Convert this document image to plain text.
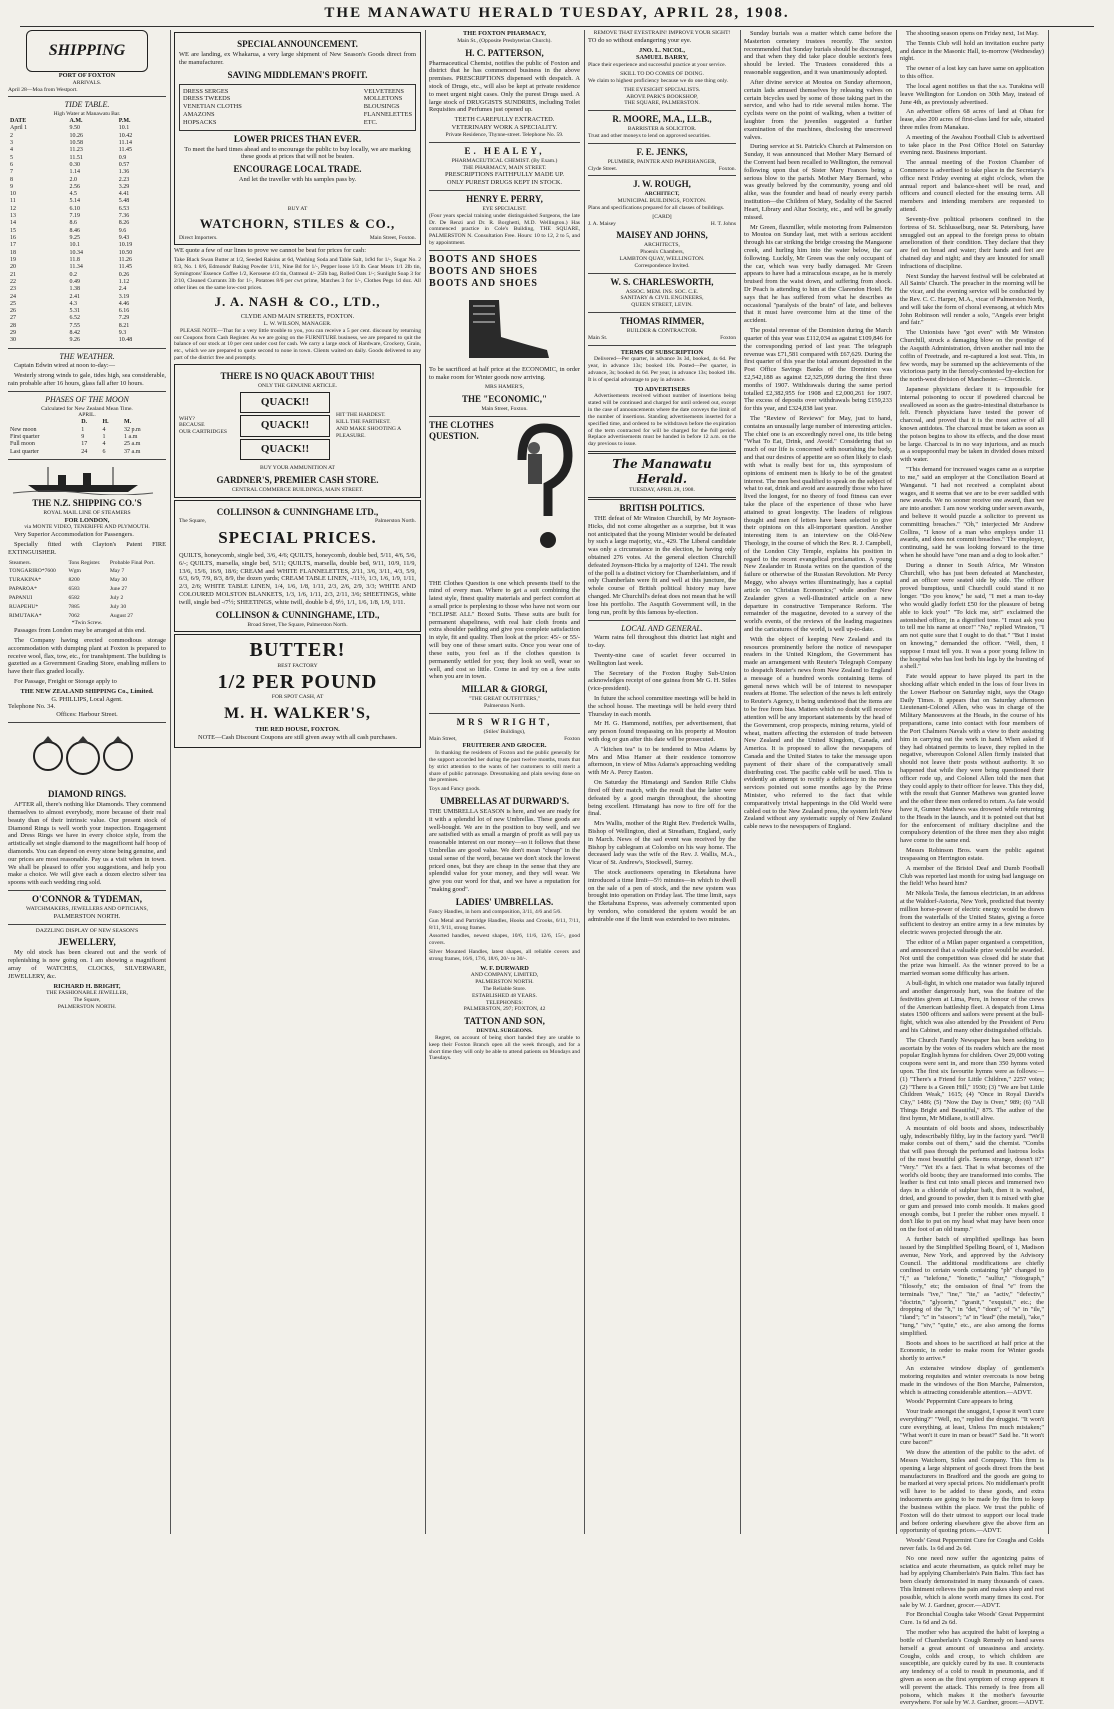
THE MANAWATU HERALD TUESDAY, APRIL 28, 1908.
SHIPPING
PORT OF FOXTON
ARRIVALS.
April 28—Moa from Westport.
TIDE TABLE.
High Water at Manawatu Bar.
DATE	A.M.	P.M.
April 1	9.50	10.1
2	10.26	10.42
3	10.58	11.14
4	11.23	11.45
5	11.51	0.9
6	0.30	0.57
7	1.14	1.36
8	2.0	2.23
9	2.56	3.29
10	4.5	4.41
11	5.14	5.48
12	6.10	6.53
13	7.19	7.36
14	8.6	8.26
15	8.46	9.6
16	9.25	9.43
17	10.1	10.19
18	10.34	10.50
19	11.8	11.26
20	11.34	11.45
21	0.2	0.26
22	0.49	1.12
23	1.38	2.4
24	2.41	3.19
25	4.3	4.46
26	5.31	6.16
27	6.52	7.29
28	7.55	8.21
29	8.42	9.3
30	9.26	10.48
THE WEATHER.

Captain Edwin wired at noon to-day:—

Westerly strong winds to gale, tides high, sea considerable, rain probable after 16 hours, glass fall after 10 hours.

PHASES OF THE MOON
Calculated for New Zealand Mean Time.
APRIL.
	D.	H.	M.
New moon	1	4	32 p.m
First quarter	9	1	1 a.m
Full moon	17	4	25 a.m
Last quarter	24	6	37 a.m
THE N.Z. SHIPPING CO.'S
ROYAL MAIL LINE OF STEAMERS
FOR LONDON,
via MONTE VIDEO, TENERIFFE AND PLYMOUTH.

Very Superior Accommodation for Passengers.

Specially fitted with Clayton's Patent FIRE EXTINGUISHER.

Steamers.	Tons Register.	Probable Final Port.
TONGARIRO*7600	Wgtn	May 7
TURAKINA*	8200	May 30
PAPAROA*	6583	June 27
PAPANUI	6582	July 2
RUAPEHU*	7885	July 30
RIMUTAKA*	7062	August 27
*Twin Screw.

Passages from London may be arranged at this end.

The Company having erected commodious storage accommodation with dumping plant at Foxton is prepared to receive wool, flax, tow, etc., for transhipment. The building is gazetted as a Government Grading Store, enabling millers to have their flax graded locally.

For Passage, Freight or Storage apply to

THE NEW ZEALAND SHIPPING Co., Limited.
G. PHILLIPS, Local Agent.
Telephone No. 34.
Offices: Harbour Street.
DIAMOND RINGS.

AFTER all, there's nothing like Diamonds. They commend themselves to almost everybody, more because of their real beauty than of their intrinsic value. Our present stock of Diamond Rings is well worth your inspection. Engagement and Dress Rings we have in every choice style, from the artistically set single diamond to the magnificent half hoop of diamonds. You can depend on every stone being genuine, and our prices are most reasonable. Pay us a visit when in town. We shall be pleased to offer you suggestions, and help you make a choice. We will give each a dozen electro silver tea spoons with each wedding ring sold.

O'CONNOR & TYDEMAN,
WATCHMAKERS, JEWELLERS AND OPTICIANS,
PALMERSTON NORTH.
DAZZLING DISPLAY OF NEW SEASON'S
JEWELLERY,

My old stock has been cleared out and the work of replenishing is now going on. I am showing a magnificent array of WATCHES, CLOCKS, SILVERWARE, JEWELLERY, &c.

RICHARD H. BRIGHT,
THE FASHIONABLE JEWELLER,
The Square,
PALMERSTON NORTH.
SPECIAL ANNOUNCEMENT.

WE are landing, ex Whakarua, a very large shipment of New Season's Goods direct from the manufacturer.

SAVING MIDDLEMAN'S PROFIT.
DRESS SERGES
DRESS TWEEDS
VENETIAN CLOTHS
AMAZONS
HOPSACKS
VELVETEENS
MOLLETONS
BLOUSINGS
FLANNELETTES
ETC.
LOWER PRICES THAN EVER.

To meet the hard times ahead and to encourage the public to buy locally, we are marking these goods at prices that will not be beaten.

ENCOURAGE LOCAL TRADE.
And let the traveller with his samples pass by.
BUY AT
WATCHORN, STILES & CO.,
Direct Importers.	Main Street, Foxton.

WE quote a few of our lines to prove we cannot be beat for prices for cash:

Take Black Swan Butter at 1/2, Seeded Raisins at 6d, Washing Soda and Table Salt, 1s9d for 1/-, Sugar No. 2 8/3, No. 1 8/6, Edmonds' Baking Powder 1/11, Nine Bd for 1/-, Pepper loose 1/3 lb. Gear Meats 1/1 2lb tin, Symingtons' Essence Coffee 1/2, Kerosene 4/3 tin, Oatmeal 4/- 25lb bag, Rolled Oats 1/-; Sunlight Soap 3 for 2/10, Cleaned Currants 3lb for 1/-, Potatoes 8/6 per cwt prime, Matches 3 for 1/-, Clothes Pegs 1d doz. All other lines on the same low-cost prices.

J. A. NASH & CO., LTD.,
CLYDE AND MAIN STREETS, FOXTON.
L. W. WILSON, MANAGER.

PLEASE NOTE—That for a very little trouble to you, you can receive a 5 per cent. discount by returning our Coupons from Cash Register. As we are going on the FURNITURE business, we are prepared to quit the balance of our stock at 10 per cent under cost for cash. We carry a large stock of Hardware, Crockery, Grain, etc., which we are prepared to quote second to none in town. Clients waited on daily. Goods delivered to any part of the district free and promptly.

THERE IS NO QUACK ABOUT THIS!
ONLY THE GENUINE ARTICLE.
WHY?
BECAUSE
OUR CARTRIDGES
QUACK!!
QUACK!!
QUACK!!
HIT THE HARDEST.
KILL THE FARTHEST.
AND MAKE SHOOTING A PLEASURE.
BUY YOUR AMMUNITION AT
GARDNER'S, PREMIER CASH STORE.
CENTRAL COMMERCE BUILDINGS, MAIN STREET.
COLLINSON & CUNNINGHAME LTD.,
The Square,	Palmerston North.
SPECIAL PRICES.

QUILTS, honeycomb, single bed, 3/6, 4/6; QUILTS, honeycomb, double bed, 5/11, 4/6, 5/6, 6/-; QUILTS, marsella, single bed, 5/11; QUILTS, marsella, double bed, 9/11, 10/9, 11/9, 13/6, 15/6, 16/9, 18/6; CREAM and WHITE FLANNELETTES, 2/11, 3/6, 3/11, 4/3, 5/9, 6/3, 6/9, 7/9, 8/3, 8/9, the dozen yards; CREAM TABLE LINEN, -/11½, 1/3, 1/6, 1/9, 1/11, 2/3, 2/6; WHITE TABLE LINEN, 1/4, 1/6, 1/8, 1/11, 2/3, 2/6, 2/9, 3/3; WHITE AND COLOURED MOLSTON BLANKETS, 1/3, 1/6, 1/11, 2/3, 2/11, 3/6; SHEETINGS, white twill, single bed -/7½; SHEETINGS, white twill, double b d, 9½, 1/1, 1/6, 1/8, 1/9, 1/11.

COLLINSON & CUNNINGHAME, LTD.,
Broad Street, The Square, Palmerston North.
BUTTER!
BEST FACTORY
1/2 PER POUND
FOR SPOT CASH, AT
M. H. WALKER'S,
THE RED HOUSE, FOXTON.

NOTE—Cash Discount Coupons are still given away with all cash purchases.

THE FOXTON PHARMACY,
Main St., (Opposite Presbyterian Church).
H. C. PATTERSON,

Pharmaceutical Chemist, notifies the public of Foxton and district that he has commenced business in the above premises. PRESCRIPTIONS dispensed with despatch. A stock of Drugs, etc., will also be kept at private residence to meet urgent night cases. Only the purest Drugs used. A large stock of DRUGGISTS SUNDRIES, including Toilet Requisites and Perfumes just opened up.

TEETH CAREFULLY EXTRACTED.
VETERINARY WORK A SPECIALITY.
Private Residence, Thynne-street. Telephone No. 59.
E. HEALEY,
PHARMACEUTICAL CHEMIST. (By Exam.)
THE PHARMACY, MAIN STREET.
PRESCRIPTIONS FAITHFULLY MADE UP.
ONLY PUREST DRUGS KEPT IN STOCK.
HENRY E. PERRY,
EYE SPECIALIST.

(Four years special training under distinguished Surgeons, the late Dr. De Renzi and Dr. R. Borghetti, M.D. Wellington.) Has commenced practice in Cole's Building, THE SQUARE, PALMERSTON N. Consultation Free. Hours: 10 to 12, 2 to 5, and by appointment.

BOOTS AND SHOES
BOOTS AND SHOES
BOOTS AND SHOES

To be sacrificed at half price at the ECONOMIC, in order to make room for Winter goods now arriving.

MRS HAMER'S,
THE "ECONOMIC,"
Main Street, Foxton.
THE CLOTHES QUESTION.

THE Clothes Question is one which presents itself to the mind of every man. Where to get a suit combining the latest style, finest quality materials and perfect comfort at a small price is perplexing to those who have not worn our "ECLIPSE ALL" Boxed Suits. These suits are built for permanent shapeliness, with real hair cloth fronts and extra shoulder padding and give you complete satisfaction in style, fit and quality. Then look at the price: 45/- or 55/- will buy one of these smart suits. Once you wear one of these suits, you feel as if the clothes question is permanently settled for you; they look so well, wear so well, and cost so little. Come in and try on a few suits when you are in town.

MILLAR & GIORGI,
"THE GREAT OUTFITTERS,"
Palmerston North.
MRS WRIGHT,
(Stiles' Buildings),
Main Street,	Foxton
FRUITERER AND GROCER.

In thanking the residents of Foxton and the public generally for the support accorded her during the past twelve months, trusts that by strict attention to the wants of her customers to still merit a share of public patronage. Dressmaking and plain sewing done on the premises.

Toys and Fancy goods.
UMBRELLAS AT DURWARD'S.

THE UMBRELLA SEASON is here, and we are ready for it with a splendid lot of new Umbrellas. These goods are well-bought. We are in the position to buy well, and we are satisfied with as small a margin of profit as will pay us reasonable interest on our money—so it follows that these Umbrellas are good value. We don't mean "cheap" in the usual sense of the word, because we don't stock the lowest priced ones, but they are cheap in the sense that they are splendid value for your money, and they will wear. We give you our word for that, and we have a reputation for "making good".

LADIES' UMBRELLAS.

Fancy Handles, in horn and composition, 3/11, 4/6 and 5/6.

Gun Metal and Partridge Handles, Hooks and Crooks, 6/11, 7/11, 8/11, 9/11, strong frames.

Assorted handles, newest shapes, 10/6, 11/6, 12/6, 15/-, good covers.

Silver Mounted Handles, latest shapes, all reliable covers and strong frames, 16/6, 17/6, 18/6, 20/- to 30/-.

W. F. DURWARD
AND COMPANY, LIMITED,
PALMERSTON NORTH.
The Reliable Store.
ESTABLISHED 48 YEARS.
TELEPHONES:
PALMERSTON, 297; FOXTON, 42
TATTON AND SON,
DENTAL SURGEONS.

Regret, on account of being short handed they are unable to keep their Foxton Branch open all the week through, and for a short time they will only be able to attend patients on Mondays and Tuesdays.

REMOVE THAT EYESTRAIN! IMPROVE YOUR SIGHT!

TO do so without endangering your eye.

JNO. L. NICOL,
SAMUEL BARRY,

Place their experience and successful practice at your service.

SKILL TO DO COMES OF DOING.

We claim to highest proficiency because we do one thing only.

THE EYESIGHT SPECIALISTS.
ABOVE PARK'S BOOKSHOP,
THE SQUARE, PALMERSTON.
R. MOORE, M.A., LL.B.,
BARRISTER & SOLICITOR.

Trust and other moneys to lend on approved securities.

F. E. JENKS,
PLUMBER, PAINTER AND PAPERHANGER,
Clyde Street.	Foxton.
J. W. ROUGH,
ARCHITECT,
MUNICIPAL BUILDINGS, FOXTON.

Plans and specifications prepared for all classes of buildings.

[CARD]
J. A. Maisey	H. T. Johns
MAISEY AND JOHNS,
ARCHITECTS,
Phoenix Chambers,
LAMBTON QUAY, WELLINGTON.
Correspondence Invited.
W. S. CHARLESWORTH,
ASSOC. MEM. INS. SOC. C.E.
SANITARY & CIVIL ENGINEERS,
QUEEN STREET, LEVIN.
THOMAS RIMMER,
BUILDER & CONTRACTOR.
Main St.	Foxton
TERMS OF SUBSCRIPTION

Delivered—Per quarter, in advance 3s 3d, booked, 4s 6d. Per year, in advance 13s; booked 18s. Posted—Per quarter, in advance, 3s; booked 4s 6d. Per year, in advance 13s; booked 18s. It is of special advantage to pay in advance.

TO ADVERTISERS

Advertisements received without number of insertions being stated will be continued and charged for until ordered out, except in the case of announcements where the date conveys the limit of the number of insertions. Standing advertisements inserted for a specified time, and ordered to be withdrawn before the expiration of the term contracted for will be charged for the full period. Replace advertisements must be handed in before 12 a.m. on the day previous to issue.

The Manawatu Herald.
TUESDAY, APRIL 28, 1908.
BRITISH POLITICS.

THE defeat of Mr Winston Churchill, by Mr Joynson-Hicks, did not come altogether as a surprise, but it was not anticipated that the young Minister would be defeated by such a large majority, viz., 429. The Liberal candidate was only a circumstance in the election, he having only obtained 276 votes. At the general election Churchill defeated Joynson-Hicks by a majority of 1241. The result of the poll is a distinct victory for Chamberlainism, and if only Chamberlain were fit and well at this juncture, the whole course of British political history may have changed. Mr Churchill's defeat does not mean that he will lose his portfolio. The Asquith Government will, in the long run, profit by this famous by-election.

LOCAL AND GENERAL.

Warm rains fell throughout this district last night and to-day.

Twenty-nine case of scarlet fever occurred in Wellington last week.

The Secretary of the Foxton Rugby Sub-Union acknowledges receipt of one guinea from Mr G. H. Stiles (vice-president).

In future the school committee meetings will be held in the school house. The meetings will be held every third Thursday in each month.

Mr H. G. Hammond, notifies, per advertisement, that any person found trespassing on his property at Mouton with dog or gun after this date will be prosecuted.

A "kitchen tea" is to be tendered to Miss Adams by Mrs and Miss Hamer at their residence tomorrow afternoon, in view of Miss Adams's approaching wedding with Mr A. Percy Easton.

On Saturday the Himatangi and Sandon Rifle Clubs fired off their match, with the result that the latter were defeated by a good margin throughout, the shooting being excellent. Himatangi has now to fire off for the final.

Mrs Wallis, mother of the Right Rev. Frederick Wallis, Bishop of Wellington, died at Streatham, England, early in March. News of the sad event was received by the Bishop by cablegram at Colombo on his way home. The deceased lady was the wife of the Rev. J. Wallis, M.A., Vicar of St. Andrew's, Stockwell, Surrey.

The stock auctioneers operating in Eketahuna have introduced a time limit—5½ minutes—in which to dwell on the sale of a pen of stock, and the new system was brought into operation on Friday last. The time limit, says the Eketahuna Express, was adversely commented upon by vendors, who considered the system would be an admirable one if the limit was extended to two minutes.

Sunday burials was a matter which came before the Masterton cemetery trustees recently. The sexton recommended that Sunday burials should be discouraged, and that when they did take place double sexton's fees should be levied. The Trustees considered this a reasonable suggestion, and it was unanimously adopted.

After divine service at Moutoa on Sunday afternoon, certain lads amused themselves by releasing valves on certain bicycles used by some of those taking part in the service, and who had to ride several miles home. The cyclists were on the point of walking, when a twitter of laughter from the juveniles suggested a further examination of the machines, disclosing the unscrewed valves.

During service at St. Patrick's Church at Palmerston on Sunday, it was announced that Mother Mary Bernard of the Convent had been recalled to Wellington, the removal following upon that of Sister Mary Frances being a serious blow to the parish. Mother Mary Bernard, who was greatly beloved by the community, young and old alike, was the founder and head of nearly every parish institution—the Children of Mary, Sodality of the Sacred Heart, Library and Altar Society, etc., and will be greatly missed.

Mr Green, flaxmiller, while motoring from Palmerston to Moutoa on Sunday last, met with a serious accident through his car striking the bridge crossing the Mangaone creek, and hurling him into the water below, the car following. Luckily, Mr Green was the only occupant of the car, which was very badly damaged. Mr Green appears to have had a miraculous escape, as he is merely bruised from the waist down, and suffering from shock. Dr Peach is attending to him at the Clarendon Hotel. He says that he has suffered from what he describes as occasional "paralysis of the brain" of late, and believes that it must have overcome him at the time of the accident.

The postal revenue of the Dominion during the March quarter of this year was £112,034 as against £109,846 for the corresponding period of last year. The telegraph revenue was £71,581 compared with £67,629. During the first quarter of this year the total amount deposited in the Post Office Savings Banks of the Dominion was £2,542,188 as against £2,325,099 during the first three months of 1907. Withdrawals during the same period totalled £2,382,955 for 1908 and £2,000,261 for 1907. The excess of deposits over withdrawals being £159,233 for this year, and £324,838 last year.

The "Review of Reviews" for May, just to hand, contains an unusually large number of interesting articles. The chief one is an exceedingly novel one, its title being "What To Eat, Drink, and Avoid." Considering that so much of our life is concerned with nourishing the body, and that our desires of appetite are so often likely to clash with what is really best for us, this symposium of opinions of eminent men is likely to be of the greatest interest. The men best qualified to speak on the subject of what to eat, drink and avoid are assuredly those who have lived the longest, for no theory of food fitness can ever take the place of the experience of those who have attained to great longevity. The leaders of religious thought and men of letters have been selected to give their opinions on this all-important question. Another interesting item is an interview on the Old-New Theology, in the course of which the Rev. R. J. Campbell, of the London City Temple, explains his position in regard to the recent evangelical proclamation. A young New Zealander in Russia writes on the question of the failure or otherwise of the Russian Revolution. Mr Percy Meggy, who always writes illuminatingly, has a capital article on "Christian Economics;" while another New Zealander gives a well-illustrated article on a new departure in constructive Temperance Reform. The remainder of the magazine, devoted to a survey of the world's events, of the reviews of the leading magazines and the caricatures of the world, is well up-to-date.

With the object of keeping New Zealand and its resources prominently before the notice of newspaper readers in the United Kingdom, the Government has made an arrangement with Reuter's Telegraph Company to despatch Reuter's news from New Zealand to England a message of a hundred words containing items of general news which will be of interest to newspaper readers at Home. The selection of the news is left entirely to Reuter's Agency, it being understood that the items are to be free from bias. Matters which no doubt will receive attention will be any important statements by the head of the Government, crop prospects, mining returns, yield of wheat, matters affecting the extension of trade between New Zealand and the United Kingdom, Canada, and America. It is proposed to allow the newspapers of Canada and the United States to take the message upon payment of their share of the comparatively small distributing cost. The pacific cable will be used. This is evidently an attempt to rectify a deficiency in the news services pointed out some months ago by the Prime Minister, who referred to the fact that while comparatively trivial happenings in the Old World were cabled out to the New Zealand press, the system left New Zealand without any systematic supply of New Zealand cable news to the newspapers of England.

The shooting season opens on Friday next, 1st May.

The Tennis Club will hold an invitation euchre party and dance in the Masonic Hall, to-morrow (Wednesday) night.

The owner of a lost key can have same on application to this office.

The local agent notifies us that the s.s. Turakina will leave Wellington for London on 30th May, instead of June 4th, as previously advertised.

An advertiser offers 68 acres of land at Ohau for lease, also 200 acres of first-class land for sale, situated three miles from Manakau.

A meeting of the Awahou Football Club is advertised to take place in the Post Office Hotel on Saturday evening next. Business important.

The annual meeting of the Foxton Chamber of Commerce is advertised to take place in the Secretary's office next Friday evening at eight o'clock, when the annual report and balance-sheet will be read, and officers and council elected for the ensuing term. All members and intending members are requested to attend.

Seventy-five political prisoners confined in the fortress of St. Schlusselburg, near St. Petersburg, have smuggled out an appeal to the foreign press to obtain amelioration of their condition. They declare that they are fed on bread and water; their hands and feet are chained day and night; and they are knouted for small infractions of discipline.

Next Sunday the harvest festival will be celebrated at All Saints' Church. The preacher in the morning will be the vicar, and the evening service will be conducted by the Rev. C. C. Harper, M.A., vicar of Palmerston North, and will take the form of choral evensong, at which Mrs John Robinson will render a solo, "Angels ever bright and fair."

The Unionists have "got even" with Mr Winston Churchill, struck a damaging blow on the prestige of the Asquith Administration, driven another nail into the coffin of Freetrade, and re-captured a lost seat. This, in few words, may be summed up the achievements of the victorious party in the fiercely-contested by-election for the north-west division of Manchester.—Chronicle.

Japanese physicians declare it is impossible for internal poisoning to occur if powdered charcoal be swallowed as soon as the gastro-intestinal disturbance is felt. French physicians have tested the power of charcoal, and proved that it is the most active of all known antidotes. The charcoal must be taken as soon as the poison begins to show its effects, and the dose must be large. Charcoal is in no way injurious, and as much as a soupspoonful may be taken in divided doses mixed with water.

"This demand for increased wages came as a surprise to me," said an employer at the Conciliation Board at Wanganui. "I had not received a complaint about wages, and it seems that we are to be ever saddled with new awards. We no sooner receive one award, than we are into another. I am now working under seven awards, and believe it would puzzle a solicitor to prevent us committing breaches." "Oh," interjected Mr Andrew Collins, "I know of a man who employs under 11 awards, and does not commit breaches." The employer, continuing, said he was looking forward to the time when he should have "one man and a dog to look after."

During a dinner in South Africa, Mr Winston Churchill, who has just been defeated at Manchester, and an officer were seated side by side. The officer proved bumptious, until Churchill could stand it no longer. "Do you know," he said, "I met a man to-day who would gladly forfeit £50 for the pleasure of being able to kick you!" "To kick me, sir!" exclaimed the astonished officer, in a dignified tone. "I must ask you to tell me his name at once!" "No," replied Winston, "I am not quite sure that I ought to do that." "But I insist on knowing," demanded the officer. "Well, then, I suppose I must tell you. It was a poor young fellow in the hospital who has lost both his legs by the bursting of a shell."

Fate would appear to have played its part in the shocking affair which ended in the loss of four lives in the Lower Harbour on Saturday night, says the Otago Daily Times. It appears that on Saturday afternoon Lieutenant-Colonel Allen, who was in charge of the Military Manoeuvres at the Heads, in the course of his preparations, came into contact with four members of the Port Chalmers Navals with a view to their assisting him in carrying out the work in hand. When asked if they had obtained permits to leave, they replied in the negative, whereupon Colonel Allen firmly insisted that should not leave their posts without authority. It so happened that while they were being questioned their officer rode up, and Colonel Allen told the men that they could apply to their officer for leave. This they did, with the result that Gunner Mathews was granted leave and the other three men ordered to return. As fate would have it, Gunner Mathews was drowned while returning to the Heads in the launch, and it is pointed out that but for the enforcement of military discipline and the compulsory detention of the three men they also might have come to the same end.

Messrs Robinson Bros. warn the public against trespassing on Herrington estate.

A member of the Bristol Deaf and Dumb Football Club was reported last month for using bad language on the field! Who heard him?

Mr Nikola Tesla, the famous electrician, in an address at the Waldorf-Astoria, New York, predicted that twenty million horse-power of electric energy would be drawn from the waterfalls of the United States, giving a force sufficient to destroy an entire army in a few minutes by electric waves projected through the air.

The editor of a Milan paper organised a competition, and announced that a valuable prize would be awarded. Not until the competition was closed did he state that the prize was himself. As the winner proved to be a married woman some difficulty has arisen.

A bull-fight, in which one matador was fatally injured and another dangerously hurt, was the feature of the festivities given at Lima, Peru, in honour of the crews of the American battleship fleet. A despatch from Lima states 1500 officers and sailors were present at the bull-fight, which was also attended by the President of Peru and his Cabinet, and many other distinguished officials.

The Church Family Newspaper has been seeking to ascertain by the votes of its readers which are the most popular English hymns for children. Over 29,000 voting coupons were sent in, and more than 350 hymns voted upon. The first six favourite hymns were as follows:—(1) "There's a Friend for Little Children," 2257 votes; (2) "There is a Green Hill," 1930; (3) "We are but Little Children Weak," 1615; (4) "Once in Royal David's City," 1486; (5) "Now the Day is Over," 989; (6) "All Things Bright and Beautiful," 875. The author of the first hymn, Mr Midlane, is still alive.

A mountain of old boots and shoes, indescribably ugly, indescribably filthy, lay in the factory yard. "We'll make combs out of them," said the chemist. "Combs that will pass through the perfumed and lustrous locks of the most beautiful girls. Seems strange, doesn't it?" "Very." "Yet it's a fact. That is what becomes of the world's old boots; they are transformed into combs. The leather is first cut into small pieces and immersed two days in a chloride of sulphur bath, then it is washed, dried, and ground to powder, then it is mixed with glue or gum and pressed into comb moulds. It makes good enough combs, but I prefer the rubber ones myself. I don't like to put on my head what may have been once on the foot of an old tramp."

A further batch of simplified spellings has been issued by the Simplified Spelling Board, of 1, Madison avenue, New York, and approved by the Advisory Council. The additional modifications are chiefly confined to certain words containing "ph" changed to "f," as "telefone," "fonetic," "sulfur," "fotograph," "filosofy," etc; the omission of final "e" from the terminals "ive," "ine," "ite," as "activ," "defectiv," "doctrin," "glycerin," "granit," "exquisit," etc.; the dropping of the "h," in "det," "dont"; of "s" in "ile," "iland"; "c" in "sissors"; "a" in "lead" (the metal), "ake," "tung," "siv," "quite," etc., are also among the forms simplified.

Boots and shoes to be sacrificed at half price at the Economic, in order to make room for Winter goods shortly to arrive.*

An extensive window display of gentlemen's motoring requisites and winter overcoats is now being made in the windows of the Bon Marche, Palmerston, which is attracting considerable attention.—ADVT.

Woods' Peppermint Cure appears to bring

Your trade amongst the snuggest, I spose it won't cure everything?" "Well, no," replied the druggist. "It won't cure everything, at least, Unless I'm much mistaken;" "What won't it cure in man or beast?" Said he. "It won't cure bacon!"

We draw the attention of the public to the advt. of Messrs Watchorn, Stiles and Company. This firm is opening a large shipment of goods direct from the best manufacturers in Bradford and the goods are going to be marked at very special prices. No middleman's profit will have to be added to these goods, and extra inducements are going to be made by the firm to keep the business within the place. We trust the public of Foxton will do their utmost to support our local trade and before ordering elsewhere give the above firm an opportunity of quoting prices.—ADVT.

Woods' Great Peppermint Cure for Coughs and Colds never fails. 1s 6d and 2s 6d.

No one need now suffer the agonizing pains of sciatica and acute rheumatism, as quick relief may be had by applying Chamberlain's Pain Balm. This fact has been clearly demonstrated in many thousands of cases. This liniment relieves the pain and makes sleep and rest possible, which is alone worth many times its cost. For sale by W. J. Gardner, grocer.—ADVT.

For Bronchial Coughs take Woods' Great Peppermint Cure. 1s 6d and 2s 6d.

The mother who has acquired the habit of keeping a bottle of Chamberlain's Cough Remedy on hand saves herself a great amount of uneasiness and anxiety. Coughs, colds and croup, to which children are susceptible, are quickly cured by its use. It counteracts any tendency of a cold to result in pneumonia, and if given as soon as the first symptom of croup appears it will prevent the attack. This remedy is free from all poisons, which makes it the mother's favourite everywhere. For sale by W. J. Gardner, grocer.—ADVT.
